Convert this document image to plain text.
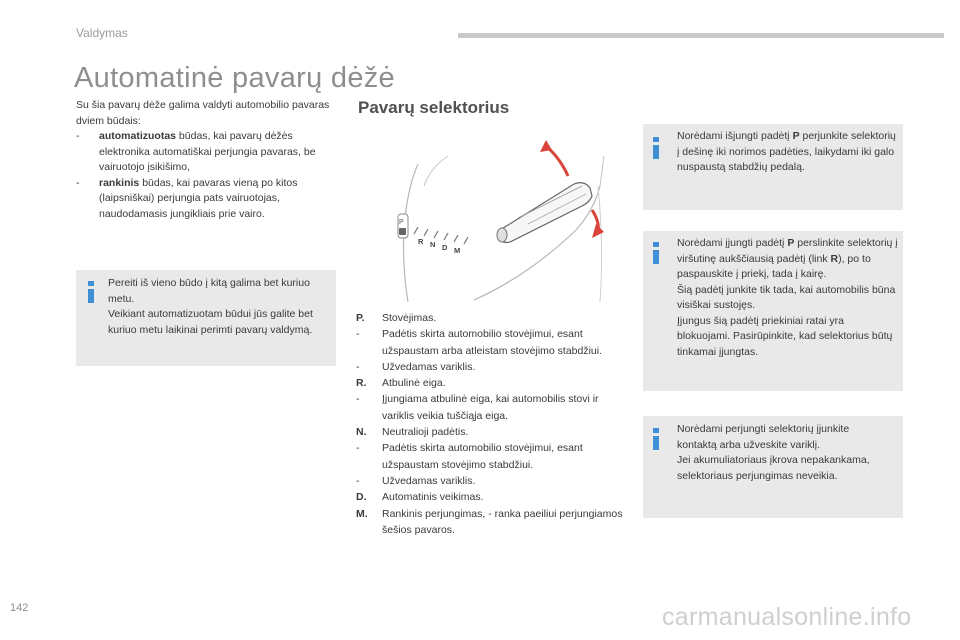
Valdymas
Automatinė pavarų dėžė
Su šia pavarų dėže galima valdyti automobilio pavaras dviem būdais:
- automatizuotas būdas, kai pavarų dėžės elektronika automatiškai perjungia pavaras, be vairuotojo įsikišimo,
- rankinis būdas, kai pavaras vieną po kitos (laipsniškai) perjungia pats vairuotojas, naudodamasis jungikliais prie vairo.
Pereiti iš vieno būdo į kitą galima bet kuriuo metu.
Veikiant automatizuotam būdui jūs galite bet kuriuo metu laikinai perimti pavarų valdymą.
Pavarų selektorius
P
R N D M
P. Stovėjimas.
- Padėtis skirta automobilio stovėjimui, esant užspaustam arba atleistam stovėjimo stabdžiui.
- Užvedamas variklis.
R. Atbulinė eiga.
- Įjungiama atbulinė eiga, kai automobilis stovi ir variklis veikia tuščiąja eiga.
N. Neutralioji padėtis.
- Padėtis skirta automobilio stovėjimui, esant užspaustam stovėjimo stabdžiui.
- Užvedamas variklis.
D. Automatinis veikimas.
M. Rankinis perjungimas, - ranka paeiliui perjungiamos šešios pavaros.
Norėdami išjungti padėtį P perjunkite selektorių į dešinę iki norimos padėties, laikydami iki galo nuspaustą stabdžių pedalą.
Norėdami įjungti padėtį P perslinkite selektorių į viršutinę aukščiausią padėtį (link R), po to paspauskite į priekį, tada į kairę.
Šią padėtį junkite tik tada, kai automobilis būna visiškai sustojęs.
Įjungus šią padėtį priekiniai ratai yra blokuojami. Pasirūpinkite, kad selektorius būtų tinkamai įjungtas.
Norėdami perjungti selektorių įjunkite kontaktą arba užveskite variklį.
Jei akumuliatoriaus įkrova nepakankama, selektoriaus perjungimas neveikia.
142	carmanualsonline.info
